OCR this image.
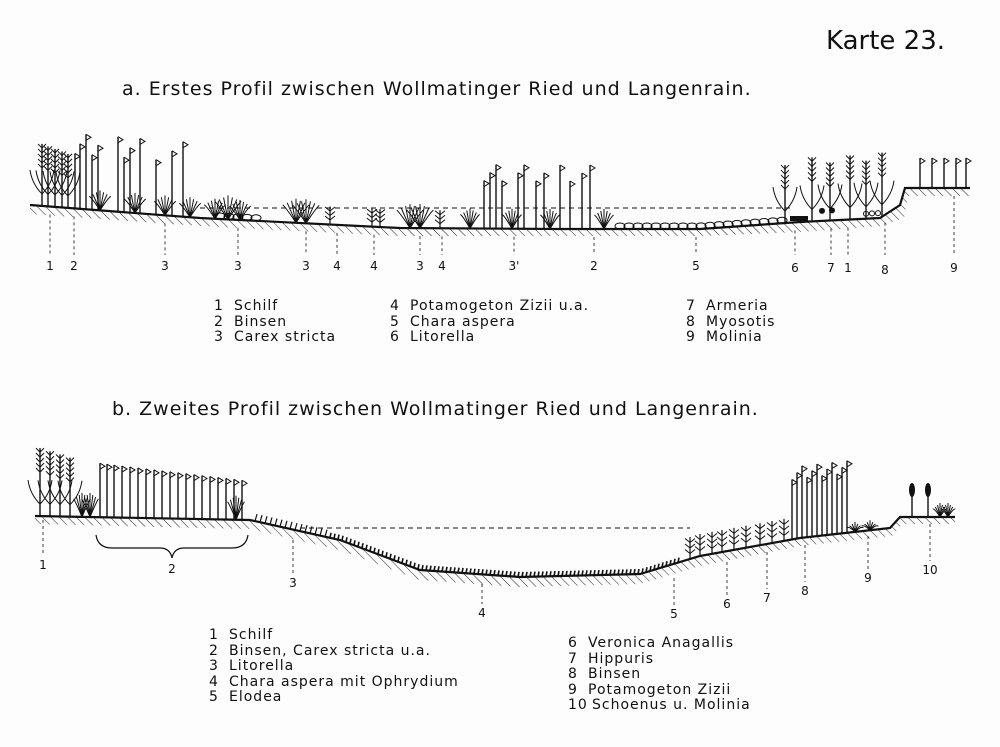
Karte 23.
a. Erstes Profil zwischen Wollmatinger Ried und Langenrain.
b. Zweites Profil zwischen Wollmatinger Ried und Langenrain.
1 2	3	3	3 4 4	3 4	3'	2	5	6 7 1 8	9
1	2
3
4	5
6	7	8
9
10
1 Schilf
2 Binsen
3 Carex stricta
4 Potamogeton Zizii u.a.
5 Chara aspera
6 Litorella
7 Armeria
8 Myosotis
9 Molinia
1 Schilf
2 Binsen, Carex stricta u.a.
3 Litorella
4 Chara aspera mit Ophrydium
5 Elodea
6 Veronica Anagallis
7 Hippuris
8 Binsen
9 Potamogeton Zizii
10 Schoenus u. Molinia
